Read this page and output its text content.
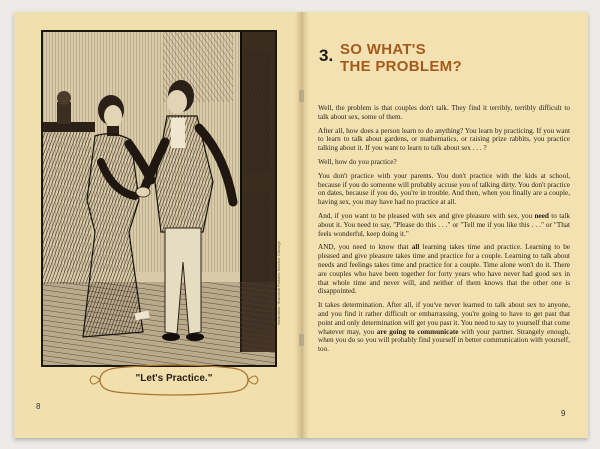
Illustration: Historical Pictures Service, Chicago
"Let's Practice."
8
3. SO WHAT'S
THE PROBLEM?

Well, the problem is that couples don't talk. They find it terribly, terribly difficult to talk about sex, some of them.

After all, how does a person learn to do anything? You learn by practicing. If you want to learn to talk about gardens, or mathematics, or raising prize rabbits, you practice talking about it. If you want to learn to talk about sex . . . ?

Well, how do you practice?

You don't practice with your parents. You don't practice with the kids at school, because if you do someone will probably accuse you of talking dirty. You don't practice on dates, because if you do, you're in trouble. And then, when you finally are a couple, having sex, you may have had no practice at all.

And, if you want to be pleased with sex and give pleasure with sex, you need to talk about it. You need to say, "Please do this . . ." or "Tell me if you like this . . ." or "That feels wonderful, keep doing it."

AND, you need to know that all learning takes time and practice. Learning to be pleased and give pleasure takes time and practice for a couple. Learning to talk about needs and feelings takes time and practice for a couple. Time alone won't do it. There are couples who have been together for forty years who have never had good sex in that whole time and never will, and neither of them knows that the other one is disappointed.

It takes determination. After all, if you've never learned to talk about sex to anyone, and you find it rather difficult or embarrassing, you're going to have to get past that point and only determination will get you past it. You need to say to yourself that come whatever may, you are going to communicate with your partner. Strangely enough, when you do so you will probably find yourself in better communication with yourself, too.

9
